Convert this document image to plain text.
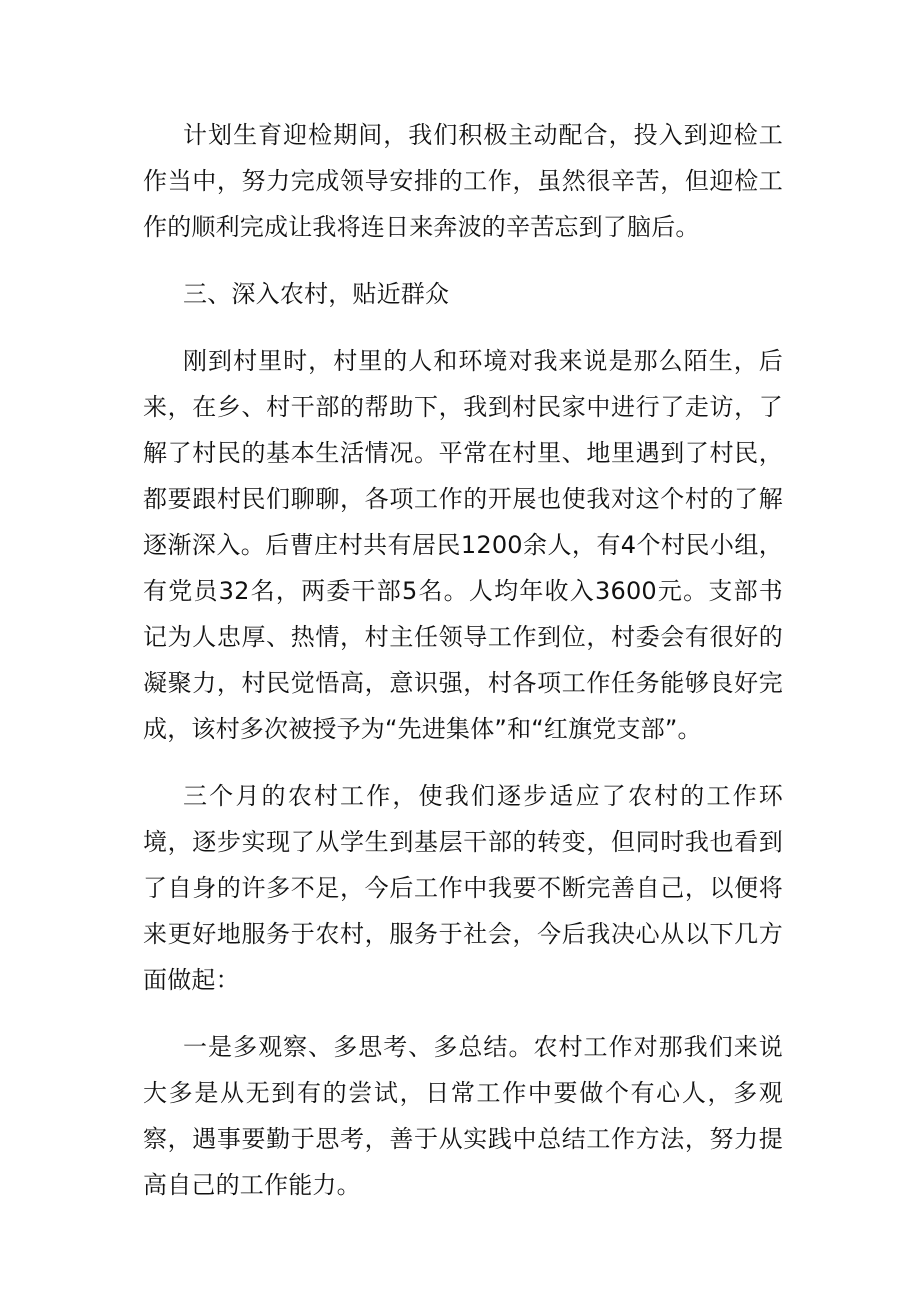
计划生育迎检期间，我们积极主动配合，投入到迎检工作当中，努力完成领导安排的工作，虽然很辛苦，但迎检工作的顺利完成让我将连日来奔波的辛苦忘到了脑后。

三、深入农村，贴近群众

刚到村里时，村里的人和环境对我来说是那么陌生，后来，在乡、村干部的帮助下，我到村民家中进行了走访，了解了村民的基本生活情况。平常在村里、地里遇到了村民，都要跟村民们聊聊，各项工作的开展也使我对这个村的了解逐渐深入。后曹庄村共有居民1200余人，有4个村民小组，有党员32名，两委干部5名。人均年收入3600元。支部书记为人忠厚、热情，村主任领导工作到位，村委会有很好的凝聚力，村民觉悟高，意识强，村各项工作任务能够良好完成，该村多次被授予为“先进集体”和“红旗党支部”。

三个月的农村工作，使我们逐步适应了农村的工作环境，逐步实现了从学生到基层干部的转变，但同时我也看到了自身的许多不足，今后工作中我要不断完善自己，以便将来更好地服务于农村，服务于社会，今后我决心从以下几方面做起：

一是多观察、多思考、多总结。农村工作对那我们来说大多是从无到有的尝试，日常工作中要做个有心人，多观察，遇事要勤于思考，善于从实践中总结工作方法，努力提高自己的工作能力。
